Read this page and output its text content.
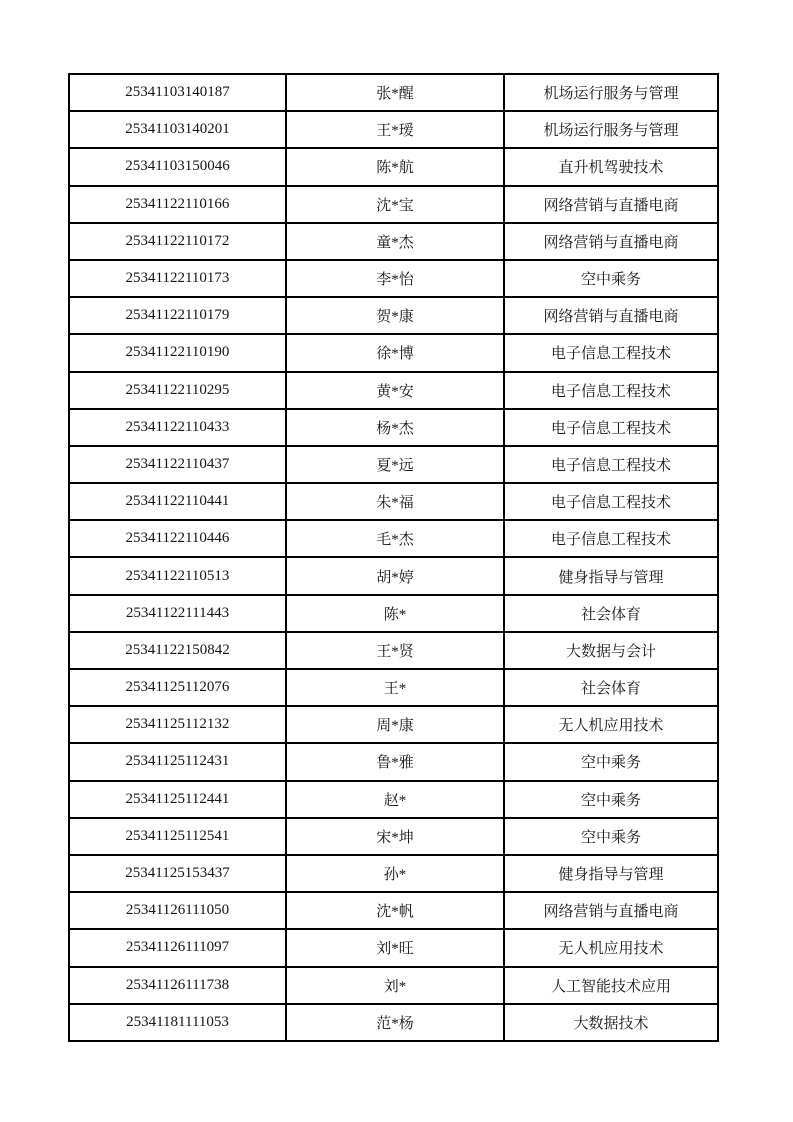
25341103140187	张*醒	机场运行服务与管理
25341103140201	王*瑷	机场运行服务与管理
25341103150046	陈*航	直升机驾驶技术
25341122110166	沈*宝	网络营销与直播电商
25341122110172	童*杰	网络营销与直播电商
25341122110173	李*怡	空中乘务
25341122110179	贺*康	网络营销与直播电商
25341122110190	徐*博	电子信息工程技术
25341122110295	黄*安	电子信息工程技术
25341122110433	杨*杰	电子信息工程技术
25341122110437	夏*远	电子信息工程技术
25341122110441	朱*福	电子信息工程技术
25341122110446	毛*杰	电子信息工程技术
25341122110513	胡*婷	健身指导与管理
25341122111443	陈*	社会体育
25341122150842	王*贤	大数据与会计
25341125112076	王*	社会体育
25341125112132	周*康	无人机应用技术
25341125112431	鲁*雅	空中乘务
25341125112441	赵*	空中乘务
25341125112541	宋*坤	空中乘务
25341125153437	孙*	健身指导与管理
25341126111050	沈*帆	网络营销与直播电商
25341126111097	刘*旺	无人机应用技术
25341126111738	刘*	人工智能技术应用
25341181111053	范*杨	大数据技术
